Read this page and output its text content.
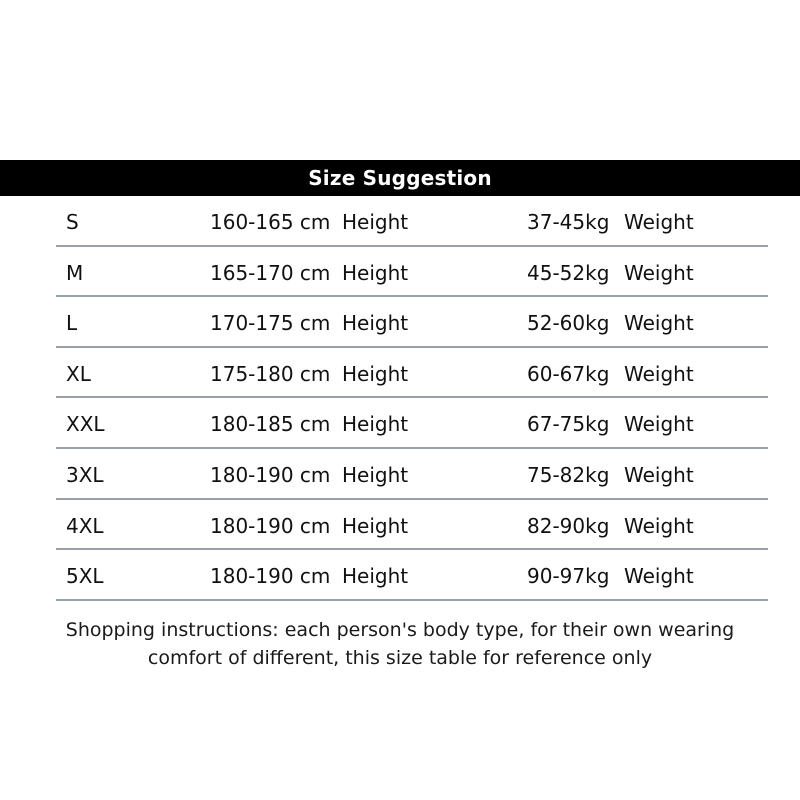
Size Suggestion
S	160-165 cm Height	37-45kg Weight
M	165-170 cm Height	45-52kg Weight
L	170-175 cm Height	52-60kg Weight
XL	175-180 cm Height	60-67kg Weight
XXL	180-185 cm Height	67-75kg Weight
3XL	180-190 cm Height	75-82kg Weight
4XL	180-190 cm Height	82-90kg Weight
5XL	180-190 cm Height	90-97kg Weight
Shopping instructions: each person's body type, for their own wearing
comfort of different, this size table for reference only
